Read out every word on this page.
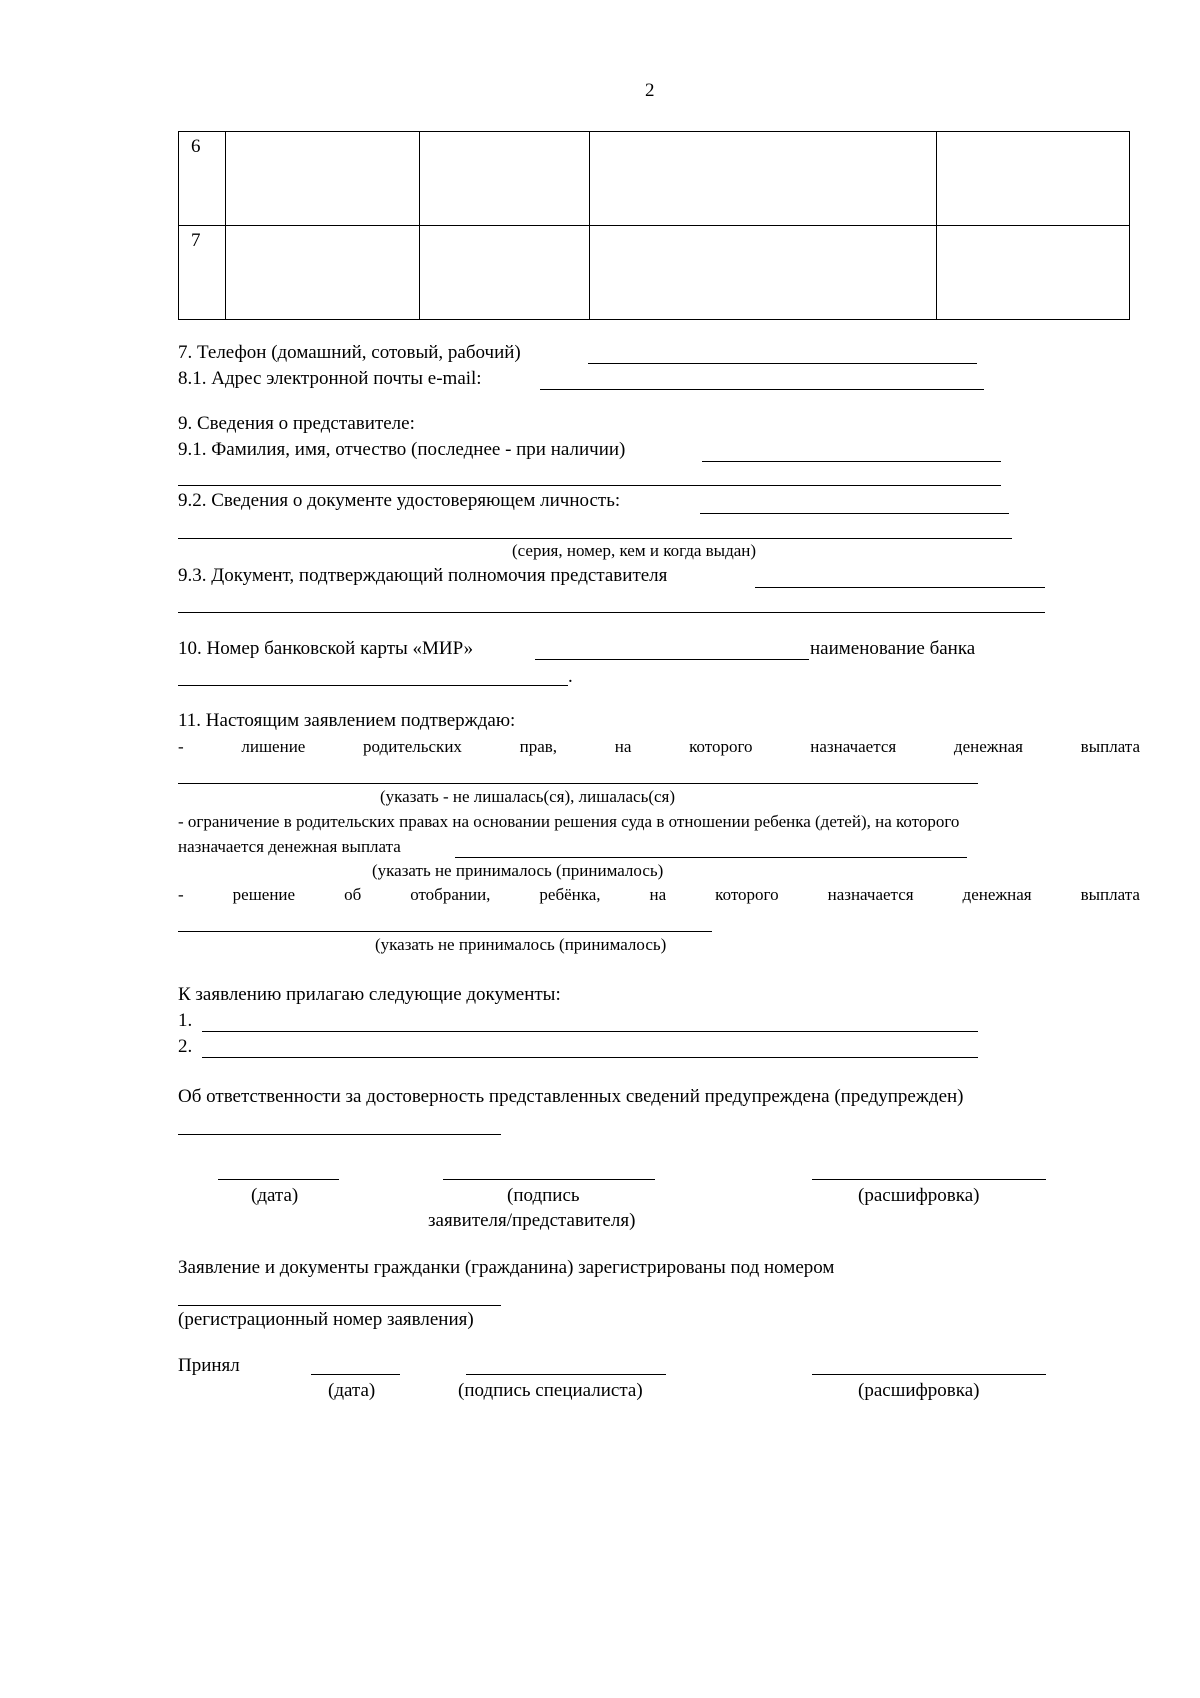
2
6				
7				
7. Телефон (домашний, сотовый, рабочий)
8.1. Адрес электронной почты e-mail:
9. Сведения о представителе:
9.1. Фамилия, имя, отчество (последнее - при наличии)
9.2. Сведения о документе удостоверяющем личность:
(серия, номер, кем и когда выдан)
9.3. Документ, подтверждающий полномочия представителя
10. Номер банковской карты «МИР»	наименование банка
.
11. Настоящим заявлением подтверждаю:
-	лишение	родительских	прав,	на	которого	назначается	денежная	выплата
(указать - не лишалась(ся), лишалась(ся)
- ограничение в родительских правах на основании решения суда в отношении ребенка (детей), на которого
назначается денежная выплата
(указать не принималось (принималось)
-	решение	об	отобрании,	ребёнка,	на	которого	назначается	денежная	выплата
(указать не принималось (принималось)
К заявлению прилагаю следующие документы:
1.
2.
Об ответственности за достоверность представленных сведений предупреждена (предупрежден)
(дата)	(подпись
заявителя/представителя)
(расшифровка)
Заявление и документы гражданки (гражданина) зарегистрированы под номером
(регистрационный номер заявления)
Принял
(дата)	(подпись специалиста)	(расшифровка)
